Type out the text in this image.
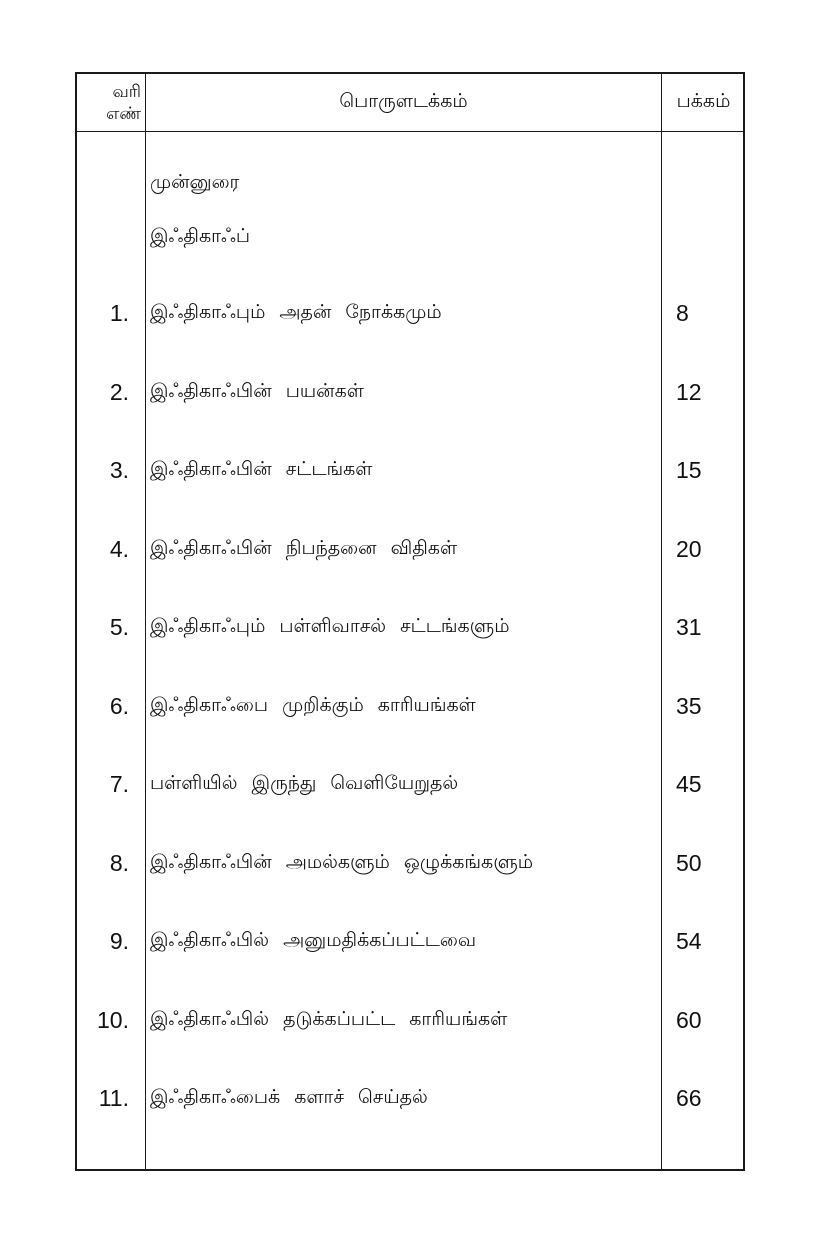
வரி
எண்
பொருளடக்கம்	பக்கம்
முன்னுரை
இஃதிகாஃப்
1. இஃதிகாஃபும் அதன் நோக்கமும்	8
2. இஃதிகாஃபின் பயன்கள்	12
3. இஃதிகாஃபின் சட்டங்கள்	15
4. இஃதிகாஃபின் நிபந்தனை விதிகள்	20
5. இஃதிகாஃபும் பள்ளிவாசல் சட்டங்களும்	31
6. இஃதிகாஃபை முறிக்கும் காரியங்கள்	35
7. பள்ளியில் இருந்து வெளியேறுதல்	45
8. இஃதிகாஃபின் அமல்களும் ஒழுக்கங்களும்	50
9. இஃதிகாஃபில் அனுமதிக்கப்பட்டவை	54
10. இஃதிகாஃபில் தடுக்கப்பட்ட காரியங்கள்	60
11. இஃதிகாஃபைக் களாச் செய்தல்	66
